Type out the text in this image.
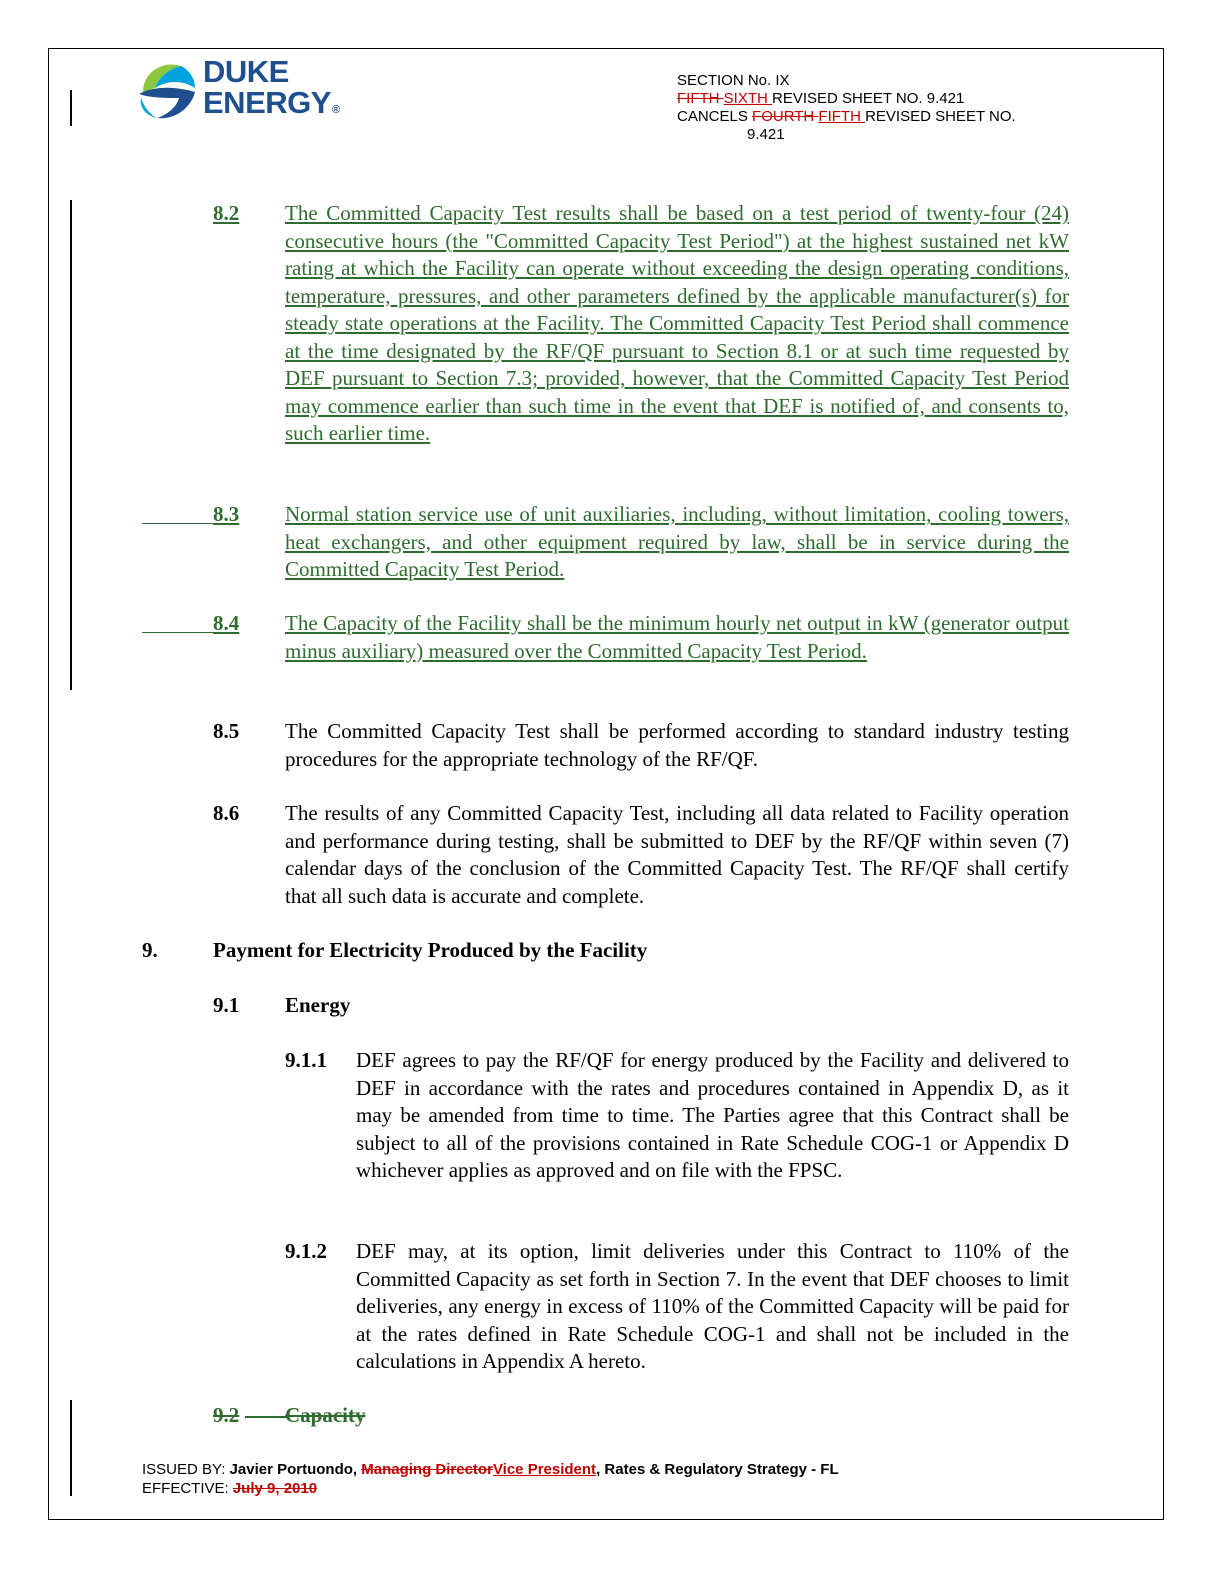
DUKE
ENERGY®
SECTION No. IX
FIFTH SIXTH REVISED SHEET NO. 9.421
CANCELS FOURTH FIFTH REVISED SHEET NO.
9.421
8.2 The Committed Capacity Test results shall be based on a test period of twenty-four (24) consecutive hours (the "Committed Capacity Test Period") at the highest sustained net kW rating at which the Facility can operate without exceeding the design operating conditions, temperature, pressures, and other parameters defined by the applicable manufacturer(s) for steady state operations at the Facility. The Committed Capacity Test Period shall commence at the time designated by the RF/QF pursuant to Section 8.1 or at such time requested by DEF pursuant to Section 7.3; provided, however, that the Committed Capacity Test Period may commence earlier than such time in the event that DEF is notified of, and consents to, such earlier time.
8.3 Normal station service use of unit auxiliaries, including, without limitation, cooling towers, heat exchangers, and other equipment required by law, shall be in service during the Committed Capacity Test Period.
8.4 The Capacity of the Facility shall be the minimum hourly net output in kW (generator output minus auxiliary) measured over the Committed Capacity Test Period.
8.5 The Committed Capacity Test shall be performed according to standard industry testing procedures for the appropriate technology of the RF/QF.
8.6 The results of any Committed Capacity Test, including all data related to Facility operation and performance during testing, shall be submitted to DEF by the RF/QF within seven (7) calendar days of the conclusion of the Committed Capacity Test. The RF/QF shall certify that all such data is accurate and complete.
9.	Payment for Electricity Produced by the Facility
9.1 Energy
9.1.1 DEF agrees to pay the RF/QF for energy produced by the Facility and delivered to DEF in accordance with the rates and procedures contained in Appendix D, as it may be amended from time to time. The Parties agree that this Contract shall be subject to all of the provisions contained in Rate Schedule COG-1 or Appendix D whichever applies as approved and on file with the FPSC.
9.1.2 DEF may, at its option, limit deliveries under this Contract to 110% of the Committed Capacity as set forth in Section 7. In the event that DEF chooses to limit deliveries, any energy in excess of 110% of the Committed Capacity will be paid for at the rates defined in Rate Schedule COG-1 and shall not be included in the calculations in Appendix A hereto.
9.2 Capacity
ISSUED BY: Javier Portuondo, Managing DirectorVice President, Rates & Regulatory Strategy - FL
EFFECTIVE: July 9, 2010
